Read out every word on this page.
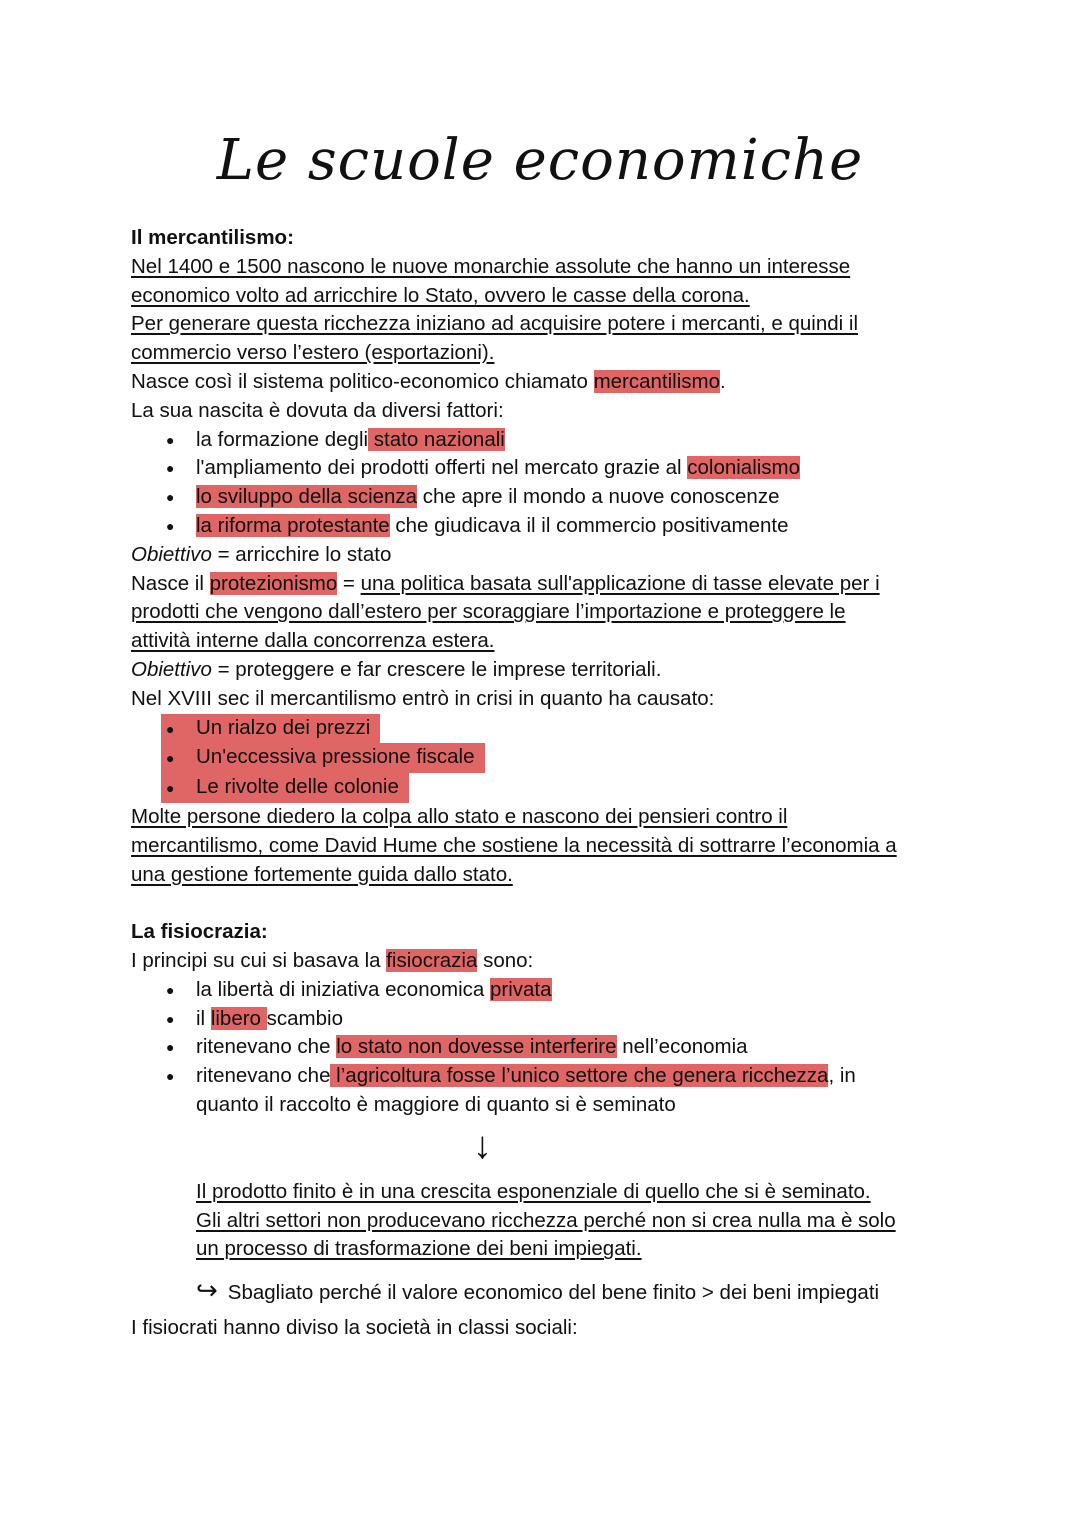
Le scuole economiche
Il mercantilismo:
Nel 1400 e 1500 nascono le nuove monarchie assolute che hanno un interesse
economico volto ad arricchire lo Stato, ovvero le casse della corona.
Per generare questa ricchezza iniziano ad acquisire potere i mercanti, e quindi il
commercio verso l’estero (esportazioni).
Nasce così il sistema politico-economico chiamato mercantilismo.
La sua nascita è dovuta da diversi fattori:
● la formazione degli stato nazionali
● l'ampliamento dei prodotti offerti nel mercato grazie al colonialismo
● lo sviluppo della scienza che apre il mondo a nuove conoscenze
● la riforma protestante che giudicava il il commercio positivamente
Obiettivo = arricchire lo stato
Nasce il protezionismo = una politica basata sull'applicazione di tasse elevate per i
prodotti che vengono dall’estero per scoraggiare l’importazione e proteggere le
attività interne dalla concorrenza estera.
Obiettivo = proteggere e far crescere le imprese territoriali.
Nel XVIII sec il mercantilismo entrò in crisi in quanto ha causato:
● Un rialzo dei prezzi
● Un'eccessiva pressione fiscale
● Le rivolte delle colonie
Molte persone diedero la colpa allo stato e nascono dei pensieri contro il
mercantilismo, come David Hume che sostiene la necessità di sottrarre l’economia a
una gestione fortemente guida dallo stato.
La fisiocrazia:
I principi su cui si basava la fisiocrazia sono:
● la libertà di iniziativa economica privata
● il libero scambio
● ritenevano che lo stato non dovesse interferire nell’economia
● ritenevano che l’agricoltura fosse l’unico settore che genera ricchezza, in
quanto il raccolto è maggiore di quanto si è seminato
↓
Il prodotto finito è in una crescita esponenziale di quello che si è seminato.
Gli altri settori non producevano ricchezza perché non si crea nulla ma è solo
un processo di trasformazione dei beni impiegati.
↪ Sbagliato perché il valore economico del bene finito > dei beni impiegati
I fisiocrati hanno diviso la società in classi sociali:
